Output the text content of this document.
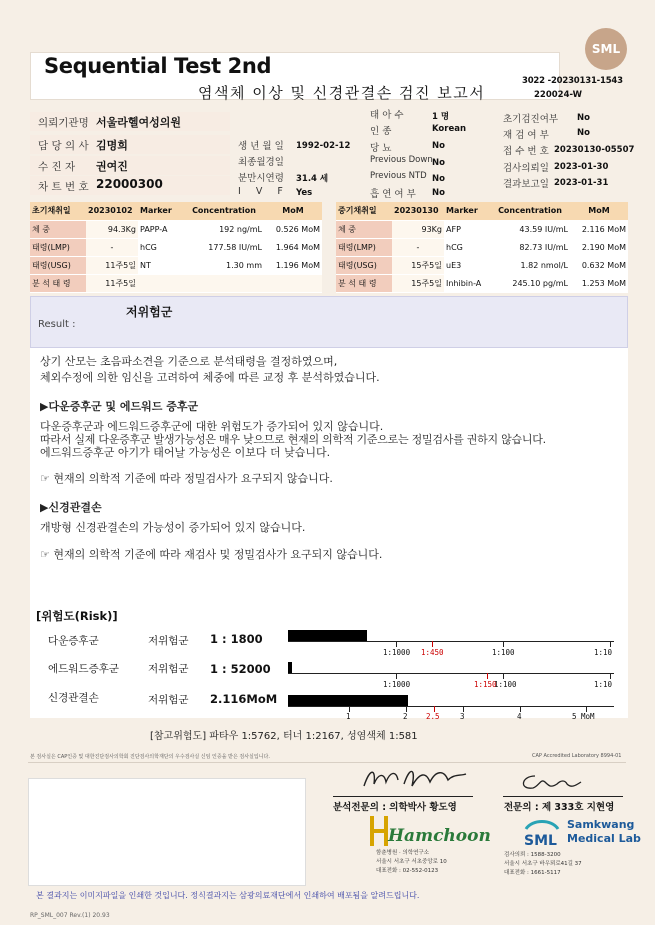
SML
Sequential Test 2nd
염색체 이상 및 신경관결손 검진 보고서
3022 -20230131-1543
220024-W
의뢰기관명 서울라헬여성의원
담 당 의 사 김명희
수 진 자 권여진
차 트 번 호 22000300
생 년 월 일 1992-02-12
최종월경일
분만시연령 31.4 세
I V F Yes
태 아 수	1 명
인 종	Korean
당 뇨	No
Previous Down No
Previous NTD No
흡 연 여 부 No
초기검진여부 No
재 검 여 부	No
접 수 번 호 20230130-05507
검사의뢰일 2023-01-30
결과보고일 2023-01-31
초기채취일	20230102	Marker	Concentration	MoM
체 중	94.3Kg	PAPP-A	192 ng/mL	0.526 MoM
태령(LMP)	-	hCG	177.58 IU/mL	1.964 MoM
태령(USG)	11주5일	NT	1.30 mm	1.196 MoM
분 석 태 령	11주5일			
중기채취일	20230130	Marker	Concentration	MoM
체 중	93Kg	AFP	43.59 IU/mL	2.116 MoM
태령(LMP)	-	hCG	82.73 IU/mL	2.190 MoM
태령(USG)	15주5일	uE3	1.82 nmol/L	0.632 MoM
분 석 태 령	15주5일	Inhibin-A	245.10 pg/mL	1.253 MoM
Result :
저위험군
상기 산모는 초음파소견을 기준으로 분석태령을 결정하였으며,
체외수정에 의한 임신을 고려하여 체중에 따른 교정 후 분석하였습니다.
▶다운증후군 및 에드워드 증후군
다운증후군과 에드워드증후군에 대한 위험도가 증가되어 있지 않습니다.
따라서 실제 다운증후군 발생가능성은 매우 낮으므로 현재의 의학적 기준으로는 정밀검사를 권하지 않습니다.
에드워드증후군 아기가 태어날 가능성은 이보다 더 낮습니다.
☞ 현재의 의학적 기준에 따라 정밀검사가 요구되지 않습니다.
▶신경관결손
개방형 신경관결손의 가능성이 증가되어 있지 않습니다.
☞ 현재의 의학적 기준에 따라 재검사 및 정밀검사가 요구되지 않습니다.
[위험도(Risk)]
다운증후군	저위험군 1 : 1800
1:1000 1:450	1:100	1:10
에드워드증후군	저위험군 1 : 52000
1:1000	1:150
1:100	1:10
신경관결손	저위험군 2.116MoM
1	2 2.5	3	4	5 MoM
[참고위험도] 파타우 1:5762, 터너 1:2167, 성염색체 1:581
본 검사실은 CAP인증 및 대한진단검사의학회 진단검사의학재단의 우수검사실 신임 인증을 받은 검사실입니다.	CAP Accredited Laboratory 8994-01
분석전문의 : 의학박사 황도영	전문의 : 제 333호 지현영
Hamchoon
함춘병원 · 의학연구소
서울시 서초구 서초중앙로 10
대표전화 : 02-552-0123
SML
Samkwang
Medical Lab
검사의뢰 : 1588-3200
서울시 서초구 바우뫼로41길 37
대표전화 : 1661-5117
본 결과지는 이미지파일을 인쇄한 것입니다. 정식결과지는 삼광의료재단에서 인쇄하여 배포됨을 알려드립니다.
RP_SML_007 Rev.(1) 20.93
